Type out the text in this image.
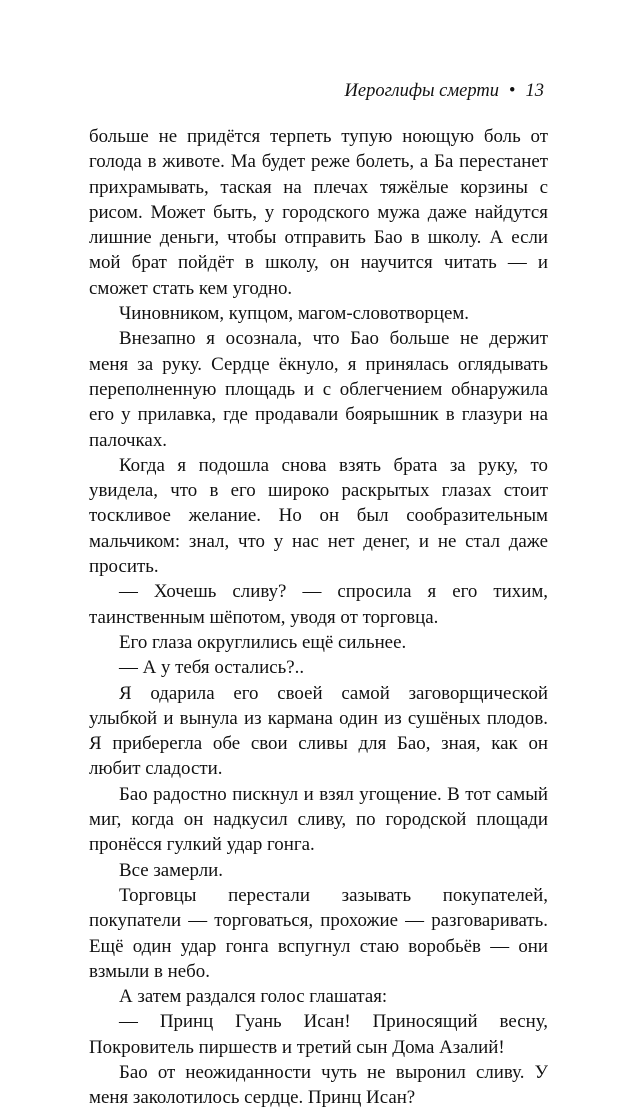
Иероглифы смерти • 13

больше не придётся терпеть тупую ноющую боль от голода в животе. Ма будет реже болеть, а Ба перестанет прихрамывать, таская на плечах тяжёлые корзины с рисом. Может быть, у городского мужа даже найдутся лишние деньги, чтобы отправить Бао в школу. А если мой брат пойдёт в школу, он научится читать — и сможет стать кем угодно.

Чиновником, купцом, магом-словотворцем.

Внезапно я осознала, что Бао больше не держит меня за руку. Сердце ёкнуло, я принялась оглядывать переполненную площадь и с облегчением обнаружила его у прилавка, где продавали боярышник в глазури на палочках.

Когда я подошла снова взять брата за руку, то увидела, что в его широко раскрытых глазах стоит тоскливое желание. Но он был сообразительным мальчиком: знал, что у нас нет денег, и не стал даже просить.

— Хочешь сливу? — спросила я его тихим, таинственным шёпотом, уводя от торговца.

Его глаза округлились ещё сильнее.

— А у тебя остались?..

Я одарила его своей самой заговорщической улыбкой и вынула из кармана один из сушёных плодов. Я приберегла обе свои сливы для Бао, зная, как он любит сладости.

Бао радостно пискнул и взял угощение. В тот самый миг, когда он надкусил сливу, по городской площади пронёсся гулкий удар гонга.

Все замерли.

Торговцы перестали зазывать покупателей, покупатели — торговаться, прохожие — разговаривать. Ещё один удар гонга вспугнул стаю воробьёв — они взмыли в небо.

А затем раздался голос глашатая:

— Принц Гуань Исан! Приносящий весну, Покровитель пиршеств и третий сын Дома Азалий!

Бао от неожиданности чуть не выронил сливу. У меня заколотилось сердце. Принц Исан?
